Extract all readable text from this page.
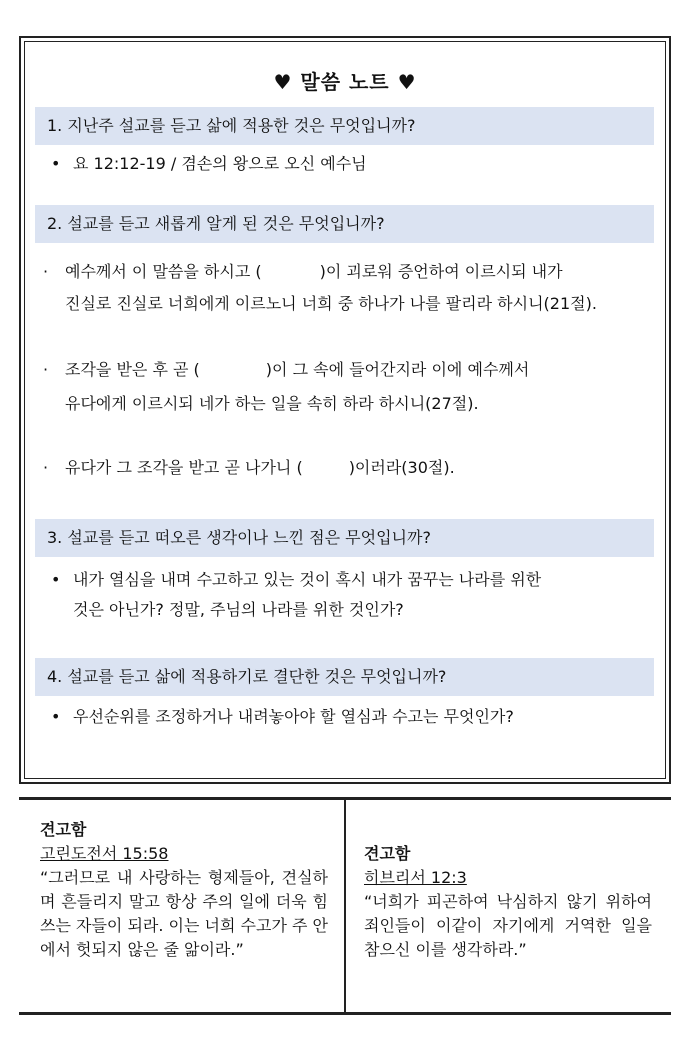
♥ 말씀 노트 ♥
1. 지난주 설교를 듣고 삶에 적용한 것은 무엇입니까?
• 요 12:12-19 / 겸손의 왕으로 오신 예수님
2. 설교를 듣고 새롭게 알게 된 것은 무엇입니까?
· 예수께서 이 말씀을 하시고 (	)이 괴로워 증언하여 이르시되 내가
진실로 진실로 너희에게 이르노니 너희 중 하나가 나를 팔리라 하시니(21절).
· 조각을 받은 후 곧 (	)이 그 속에 들어간지라 이에 예수께서
유다에게 이르시되 네가 하는 일을 속히 하라 하시니(27절).
· 유다가 그 조각을 받고 곧 나가니 (	)이러라(30절).
3. 설교를 듣고 떠오른 생각이나 느낀 점은 무엇입니까?
• 내가 열심을 내며 수고하고 있는 것이 혹시 내가 꿈꾸는 나라를 위한
것은 아닌가? 정말, 주님의 나라를 위한 것인가?
4. 설교를 듣고 삶에 적용하기로 결단한 것은 무엇입니까?
• 우선순위를 조정하거나 내려놓아야 할 열심과 수고는 무엇인가?
견고함
고린도전서 15:58
“그러므로 내 사랑하는 형제들아, 견실하며 흔들리지 말고 항상 주의 일에 더욱 힘쓰는 자들이 되라. 이는 너희 수고가 주 안에서 헛되지 않은 줄 앎이라.”
견고함
히브리서 12:3
“너희가 피곤하여 낙심하지 않기 위하여 죄인들이 이같이 자기에게 거역한 일을 참으신 이를 생각하라.”
